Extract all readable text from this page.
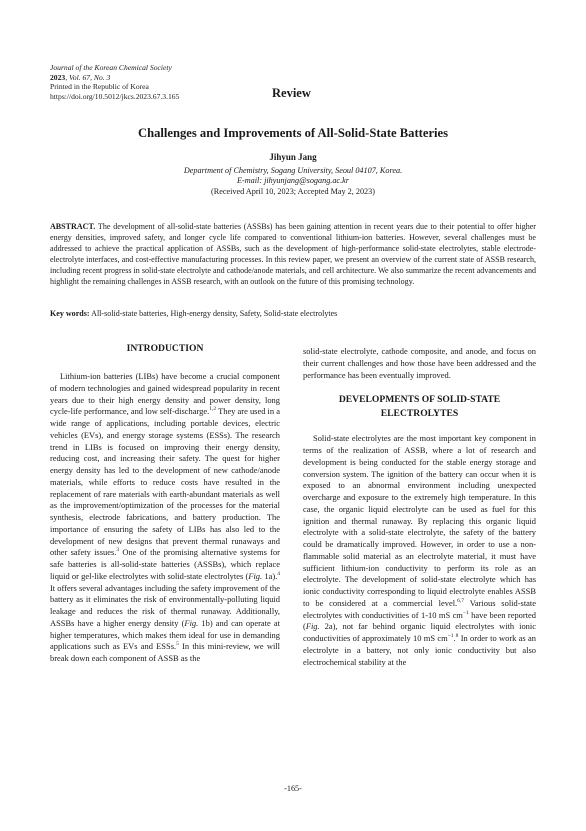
Journal of the Korean Chemical Society
2023, Vol. 67, No. 3
Printed in the Republic of Korea
https://doi.org/10.5012/jkcs.2023.67.3.165	Review
Challenges and Improvements of All-Solid-State Batteries
Jihyun Jang
Department of Chemistry, Sogang University, Seoul 04107, Korea.
E-mail: jihyunjang@sogang.ac.kr
(Received April 10, 2023; Accepted May 2, 2023)
ABSTRACT. The development of all-solid-state batteries (ASSBs) has been gaining attention in recent years due to their potential to offer higher energy densities, improved safety, and longer cycle life compared to conventional lithium-ion batteries. However, several challenges must be addressed to achieve the practical application of ASSBs, such as the development of high-performance solid-state electrolytes, stable electrode-electrolyte interfaces, and cost-effective manufacturing processes. In this review paper, we present an overview of the current state of ASSB research, including recent progress in solid-state electrolyte and cathode/anode materials, and cell architecture. We also summarize the recent advancements and highlight the remaining challenges in ASSB research, with an outlook on the future of this promising technology.
Key words: All-solid-state batteries, High-energy density, Safety, Solid-state electrolytes
INTRODUCTION

Lithium-ion batteries (LIBs) have become a crucial component of modern technologies and gained widespread popularity in recent years due to their high energy density and power density, long cycle-life performance, and low self-discharge.$^{1,2}$ They are used in a wide range of applications, including portable devices, electric vehicles (EVs), and energy storage systems (ESSs). The research trend in LIBs is focused on improving their energy density, reducing cost, and increasing their safety. The quest for higher energy density has led to the development of new cathode/anode materials, while efforts to reduce costs have resulted in the replacement of rare materials with earth-abundant materials as well as the improvement/optimization of the processes for the material synthesis, electrode fabrications, and battery production. The importance of ensuring the safety of LIBs has also led to the development of new designs that prevent thermal runaways and other safety issues.$^3$ One of the promising alternative systems for safe batteries is all-solid-state batteries (ASSBs), which replace liquid or gel-like electrolytes with solid-state electrolytes (Fig. 1a).$^4$ It offers several advantages including the safety improvement of the battery as it eliminates the risk of environmentally-polluting liquid leakage and reduces the risk of thermal runaway. Additionally, ASSBs have a higher energy density (Fig. 1b) and can operate at higher temperatures, which makes them ideal for use in demanding applications such as EVs and ESSs.$^5$ In this mini-review, we will break down each component of ASSB as the

solid-state electrolyte, cathode composite, and anode, and focus on their current challenges and how those have been addressed and the performance has been eventually improved.

DEVELOPMENTS OF SOLID-STATE ELECTROLYTES

Solid-state electrolytes are the most important key component in terms of the realization of ASSB, where a lot of research and development is being conducted for the stable energy storage and conversion system. The ignition of the battery can occur when it is exposed to an abnormal environment including unexpected overcharge and exposure to the extremely high temperature. In this case, the organic liquid electrolyte can be used as fuel for this ignition and thermal runaway. By replacing this organic liquid electrolyte with a solid-state electrolyte, the safety of the battery could be dramatically improved. However, in order to use a non-flammable solid material as an electrolyte material, it must have sufficient lithium-ion conductivity to perform its role as an electrolyte. The development of solid-state electrolyte which has ionic conductivity corresponding to liquid electrolyte enables ASSB to be considered at a commercial level.$^{6,7}$ Various solid-state electrolytes with conductivities of 1-10 mS $cm^{-1}$ have been reported (Fig. 2a), not far behind organic liquid electrolytes with ionic conductivities of approximately 10 mS $cm^{-1}.^8$ In order to work as an electrolyte in a battery, not only ionic conductivity but also electrochemical stability at the

-165-
